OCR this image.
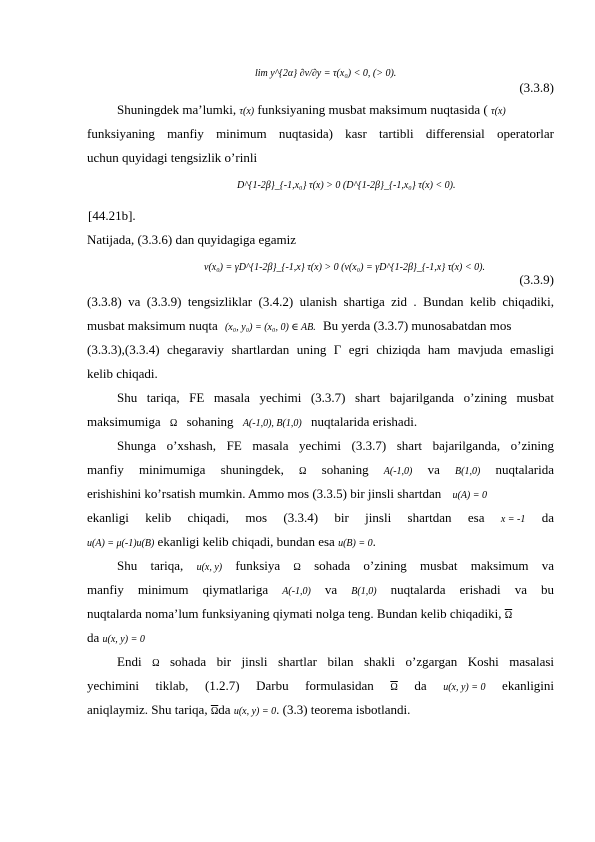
lim y^{2α} ∂v/∂y = τ(x₀) < 0, (> 0).
(3.3.8)
Shuningdek ma’lumki, τ(x) funksiyaning musbat maksimum nuqtasida ( τ(x)
funksiyaning manfiy minimum nuqtasida) kasr tartibli differensial operatorlar
uchun quyidagi tengsizlik o’rinli
D^{1-2β}_{-1,x₀} τ(x) > 0 (D^{1-2β}_{-1,x₀} τ(x) < 0).
[44.21b].
Natijada, (3.3.6) dan quyidagiga egamiz
ν(x₀) = γD^{1-2β}_{-1,x} τ(x) > 0 (ν(x₀) = γD^{1-2β}_{-1,x} τ(x) < 0).
(3.3.9)
(3.3.8) va (3.3.9) tengsizliklar (3.4.2) ulanish shartiga zid . Bundan kelib chiqadiki,
musbat maksimum nuqta (x₀, y₀) = (x₀, 0) ∈ AB. Bu yerda (3.3.7) munosabatdan mos
(3.3.3),(3.3.4) chegaraviy shartlardan uning Γ egri chiziqda ham mavjuda emasligi
kelib chiqadi.
Shu tariqa, FE masala yechimi (3.3.7) shart bajarilganda o’zining musbat
maksimumiga Ω sohaning A(-1,0), B(1,0) nuqtalarida erishadi.
Shunga o’xshash, FE masala yechimi (3.3.7) shart bajarilganda, o’zining
manfiy minimumiga shuningdek, Ω sohaning A(-1,0) va B(1,0) nuqtalarida
erishishini ko’rsatish mumkin. Ammo mos (3.3.5) bir jinsli shartdan u(A) = 0
ekanligi kelib chiqadi, mos (3.3.4) bir jinsli shartdan esa x = -1 da
u(A) = μ(-1)u(B) ekanligi kelib chiqadi, bundan esa u(B) = 0.
Shu tariqa, u(x, y) funksiya Ω sohada o’zining musbat maksimum va
manfiy minimum qiymatlariga A(-1,0) va B(1,0) nuqtalarda erishadi va bu
nuqtalarda noma’lum funksiyaning qiymati nolga teng. Bundan kelib chiqadiki, $\overline{\Omega}$
da u(x, y) = 0
Endi Ω sohada bir jinsli shartlar bilan shakli o’zgargan Koshi masalasi
yechimini tiklab, (1.2.7) Darbu formulasidan $\overline{\Omega}$ da u(x, y) = 0 ekanligini
aniqlaymiz. Shu tariqa, $\overline{\Omega}da$ u(x, y) = 0. (3.3) teorema isbotlandi.
